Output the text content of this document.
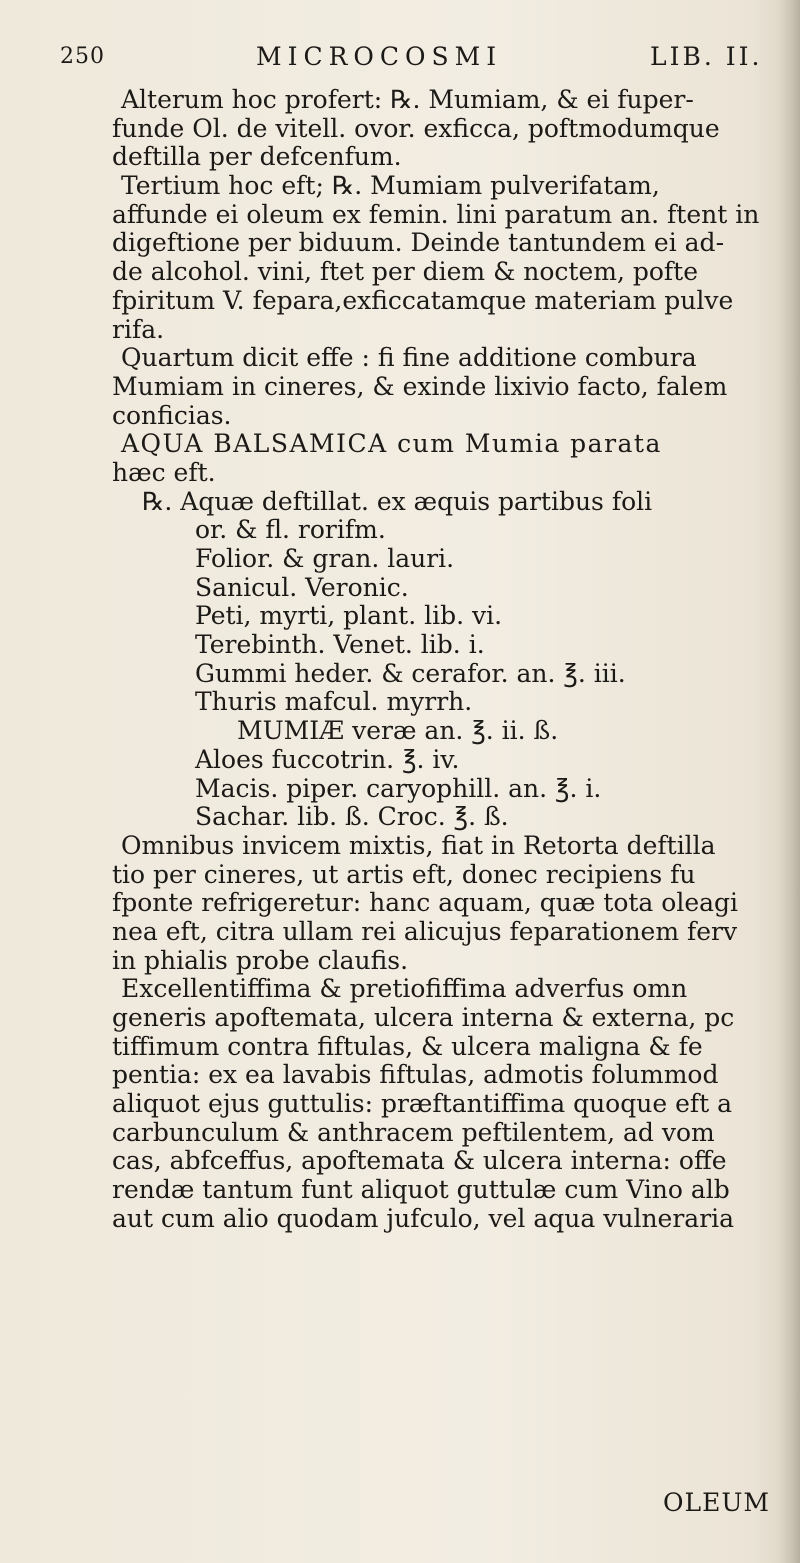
250	MICROCOSMI	LIB. II.
Alterum hoc profert: ℞. Mumiam, & ei fuper-
funde Ol. de vitell. ovor. exficca, poftmodumque
deftilla per defcenfum.
Tertium hoc eft; ℞. Mumiam pulverifatam,
affunde ei oleum ex femin. lini paratum an. ftent in
digeftione per biduum. Deinde tantundem ei ad-
de alcohol. vini, ftet per diem & noctem, pofte
fpiritum V. fepara,exficcatamque materiam pulve
rifa.
Quartum dicit effe : fi fine additione combura
Mumiam in cineres, & exinde lixivio facto, falem
conficias.
AQUA BALSAMICA cum Mumia parata
hæc eft.
℞. Aquæ deftillat. ex æquis partibus foli
or. & fl. rorifm.
Folior. & gran. lauri.
Sanicul. Veronic.
Peti, myrti, plant. lib. vi.
Terebinth. Venet. lib. i.
Gummi heder. & cerafor. an. ℥. iii.
Thuris mafcul. myrrh.
MUMIÆ veræ an. ℥. ii. ß.
Aloes fuccotrin. ℥. iv.
Macis. piper. caryophill. an. ℥. i.
Sachar. lib. ß. Croc. ℥. ß.
Omnibus invicem mixtis, fiat in Retorta deftilla
tio per cineres, ut artis eft, donec recipiens fu
fponte refrigeretur: hanc aquam, quæ tota oleagi
nea eft, citra ullam rei alicujus feparationem ferv
in phialis probe claufis.
Excellentiffima & pretiofiffima adverfus omn
generis apoftemata, ulcera interna & externa, pc
tiffimum contra fiftulas, & ulcera maligna & fe
pentia: ex ea lavabis fiftulas, admotis folummod
aliquot ejus guttulis: præftantiffima quoque eft a
carbunculum & anthracem peftilentem, ad vom
cas, abfceffus, apoftemata & ulcera interna: offe
rendæ tantum funt aliquot guttulæ cum Vino alb
aut cum alio quodam jufculo, vel aqua vulneraria
OLEUM
